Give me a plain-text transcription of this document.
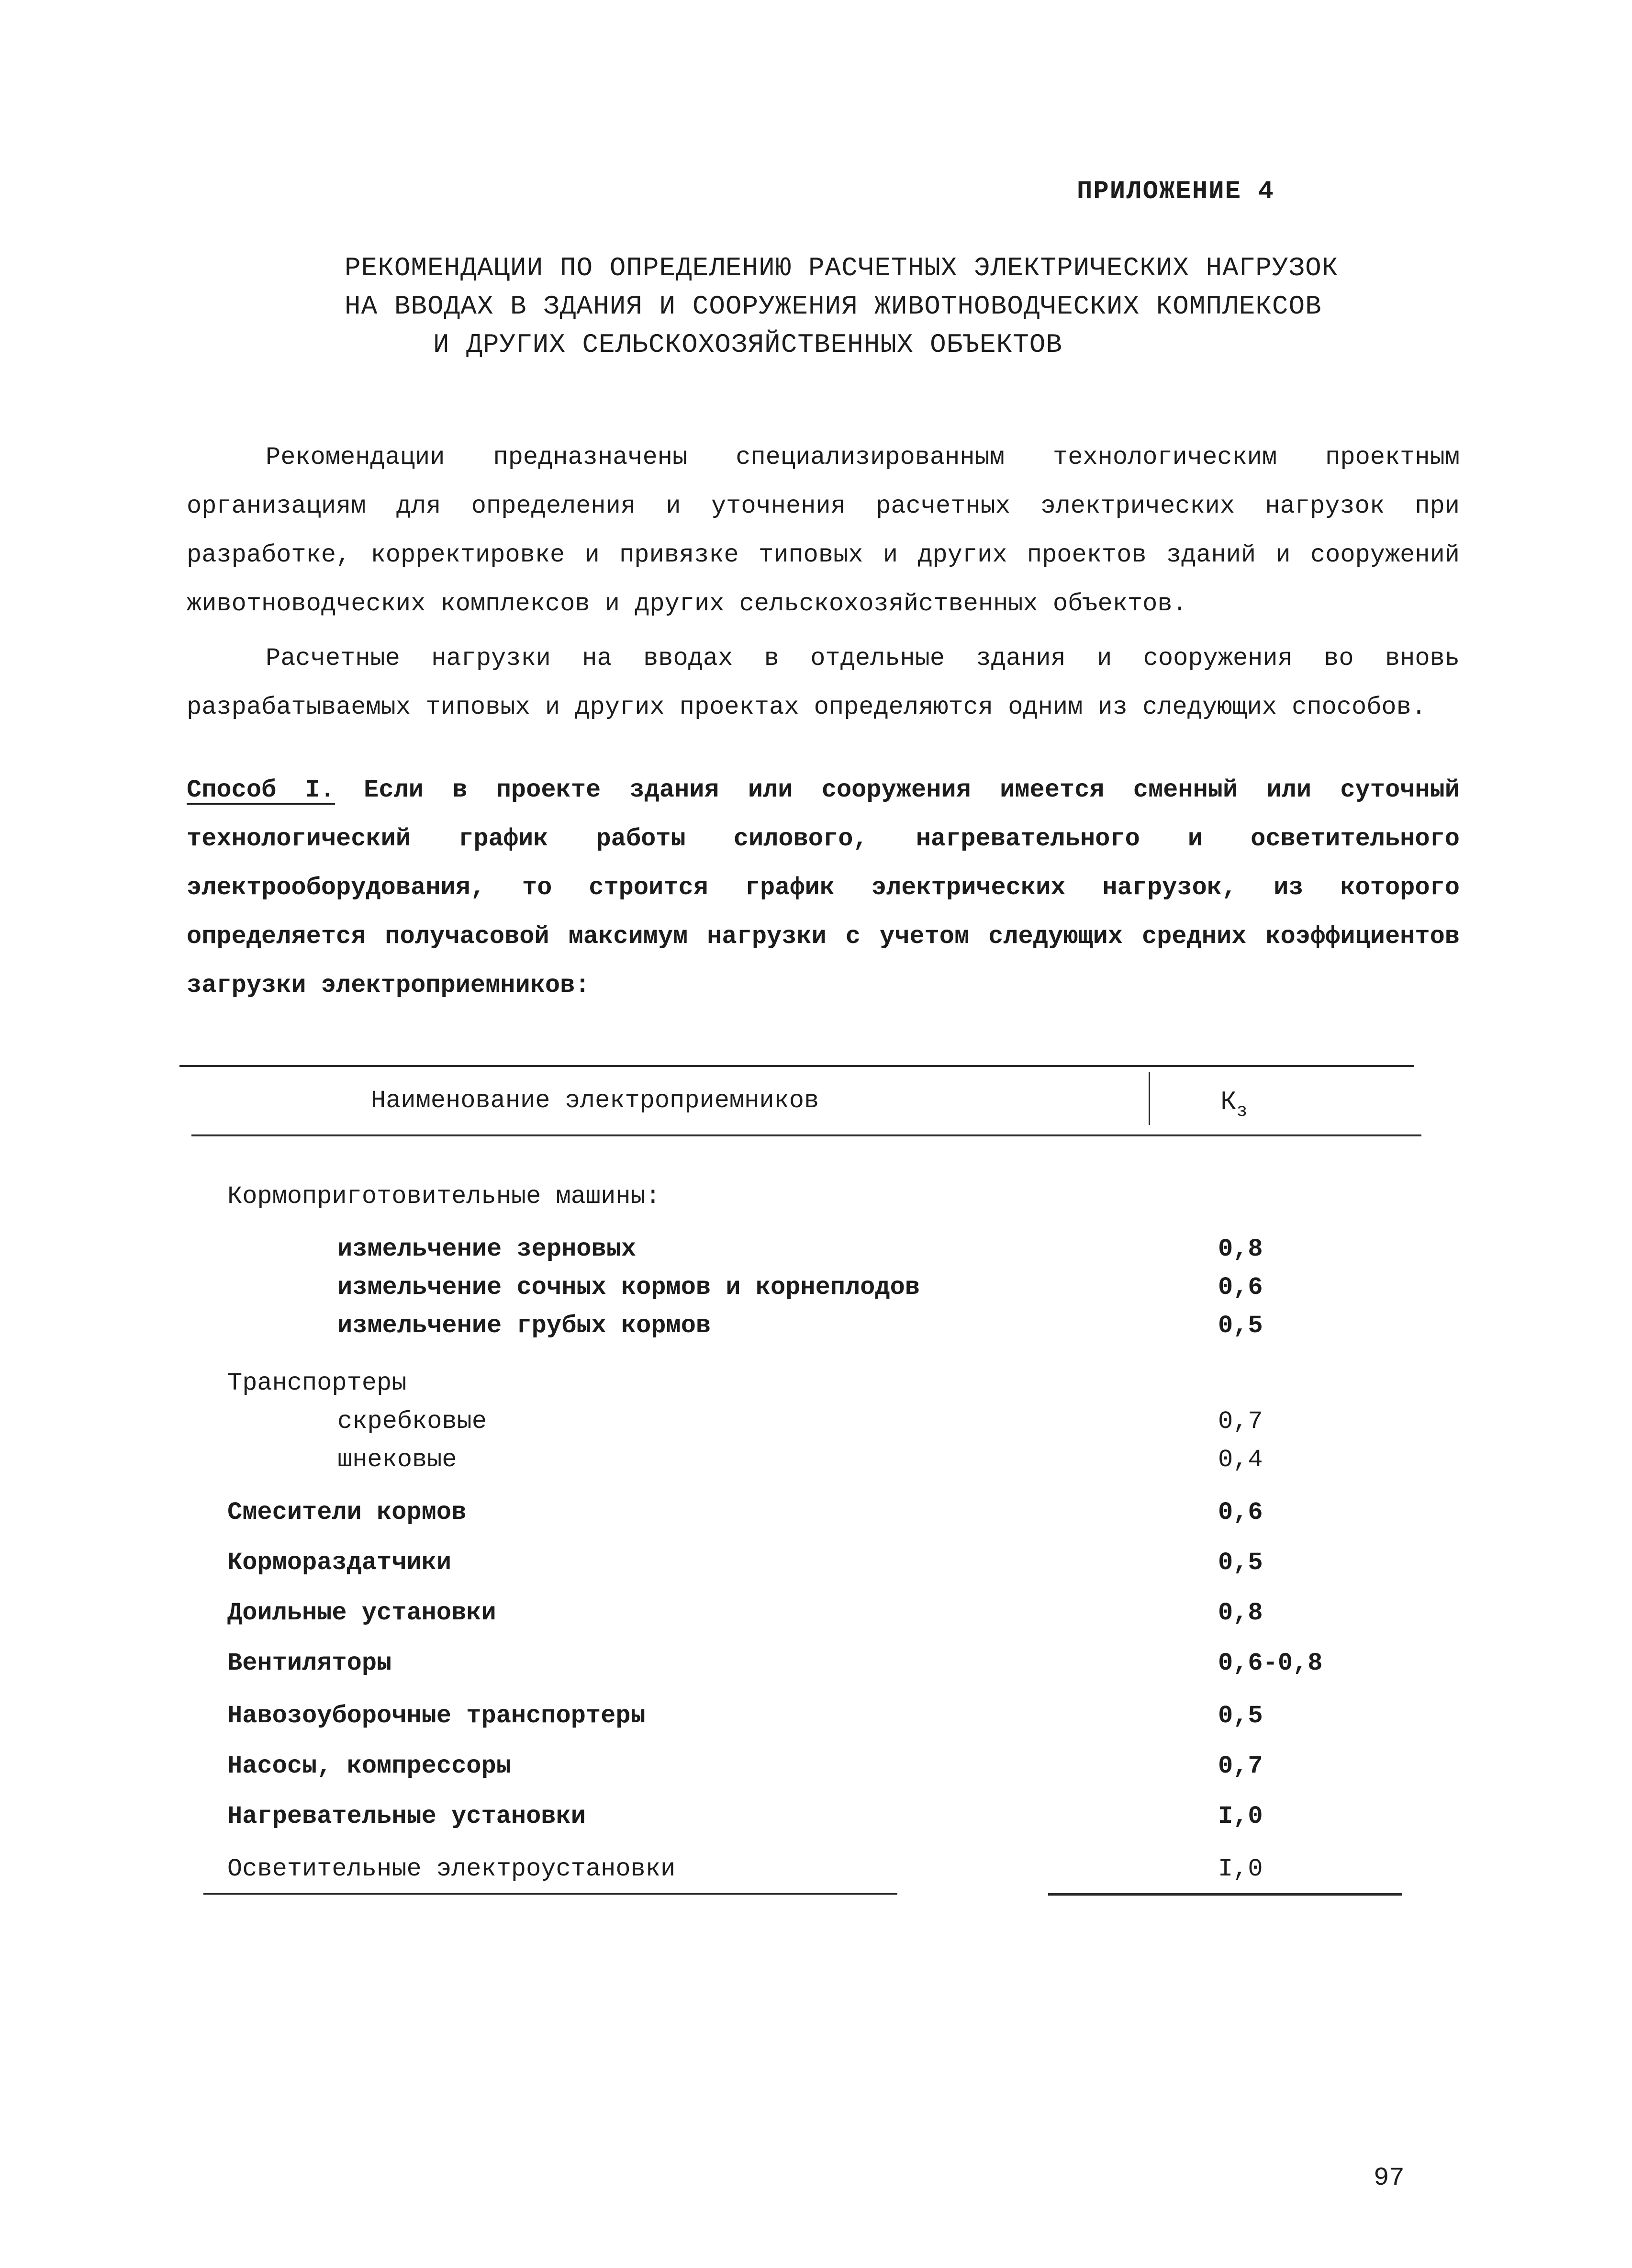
ПРИЛОЖЕНИЕ 4
РЕКОМЕНДАЦИИ ПО ОПРЕДЕЛЕНИЮ РАСЧЕТНЫХ ЭЛЕКТРИЧЕСКИХ НАГРУЗОК
НА ВВОДАХ В ЗДАНИЯ И СООРУЖЕНИЯ ЖИВОТНОВОДЧЕСКИХ КОМПЛЕКСОВ
И ДРУГИХ СЕЛЬСКОХОЗЯЙСТВЕННЫХ ОБЪЕКТОВ
Рекомендации предназначены специализированным технологическим проектным организациям для определения и уточнения расчетных электрических нагрузок при разработке, корректировке и привязке типовых и других проектов зданий и сооружений животноводческих комплексов и других сельскохозяйственных объектов.
Расчетные нагрузки на вводах в отдельные здания и сооружения во вновь разрабатываемых типовых и других проектах определяются одним из следующих способов.
Способ I. Если в проекте здания или сооружения имеется сменный или суточный технологический график работы силового, нагревательного и осветительного электрооборудования, то строится график электрических нагрузок, из которого определяется получасовой максимум нагрузки с учетом следующих средних коэффициентов загрузки электроприемников:
Наименование электроприемников	$К_з$
Кормоприготовительные машины:
измельчение зерновых	0,8
измельчение сочных кормов и корнеплодов	0,6
измельчение грубых кормов	0,5
Транспортеры
скребковые	0,7
шнековые	0,4
Смесители кормов	0,6
Кормораздатчики	0,5
Доильные установки	0,8
Вентиляторы	0,6-0,8
Навозоуборочные транспортеры	0,5
Насосы, компрессоры	0,7
Нагревательные установки	I,0
Осветительные электроустановки	I,0
97
